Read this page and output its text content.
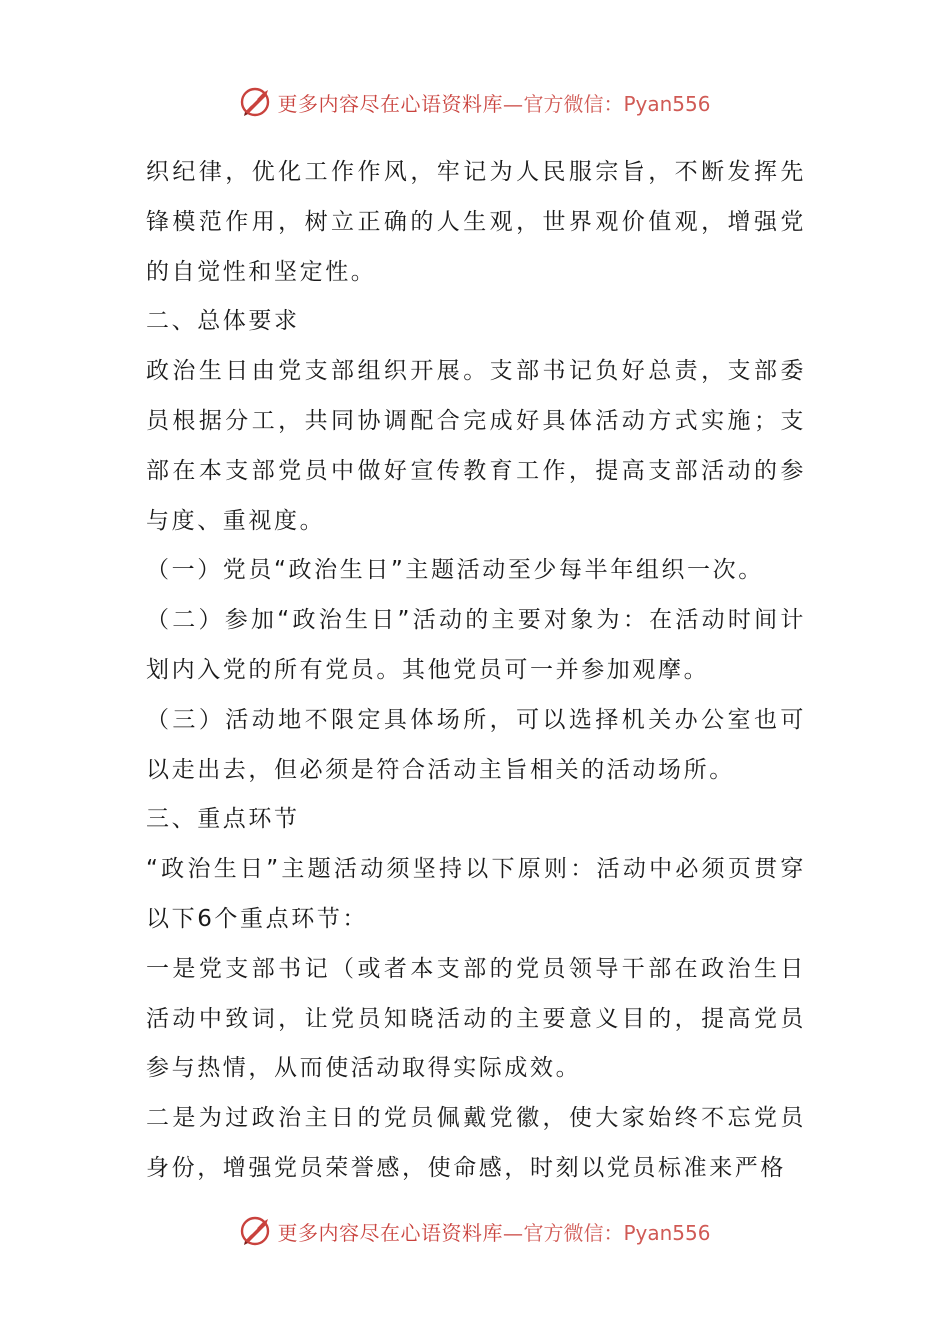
更多内容尽在心语资料库—官方微信：Pyan556

织纪律，优化工作作风，牢记为人民服宗旨，不断发挥先锋模范作用，树立正确的人生观，世界观价值观，增强党的自觉性和坚定性。

二、总体要求

政治生日由党支部组织开展。支部书记负好总责，支部委员根据分工，共同协调配合完成好具体活动方式实施；支部在本支部党员中做好宣传教育工作，提高支部活动的参与度、重视度。

（一）党员“政治生日”主题活动至少每半年组织一次。

（二）参加“政治生日”活动的主要对象为：在活动时间计划内入党的所有党员。其他党员可一并参加观摩。

（三）活动地不限定具体场所，可以选择机关办公室也可以走出去，但必须是符合活动主旨相关的活动场所。

三、重点环节

“政治生日”主题活动须坚持以下原则：活动中必须页贯穿以下6个重点环节：

一是党支部书记（或者本支部的党员领导干部在政治生日活动中致词，让党员知晓活动的主要意义目的，提高党员参与热情，从而使活动取得实际成效。

二是为过政治主日的党员佩戴党徽，使大家始终不忘党员身份，增强党员荣誉感，使命感，时刻以党员标准来严格

更多内容尽在心语资料库—官方微信：Pyan556
